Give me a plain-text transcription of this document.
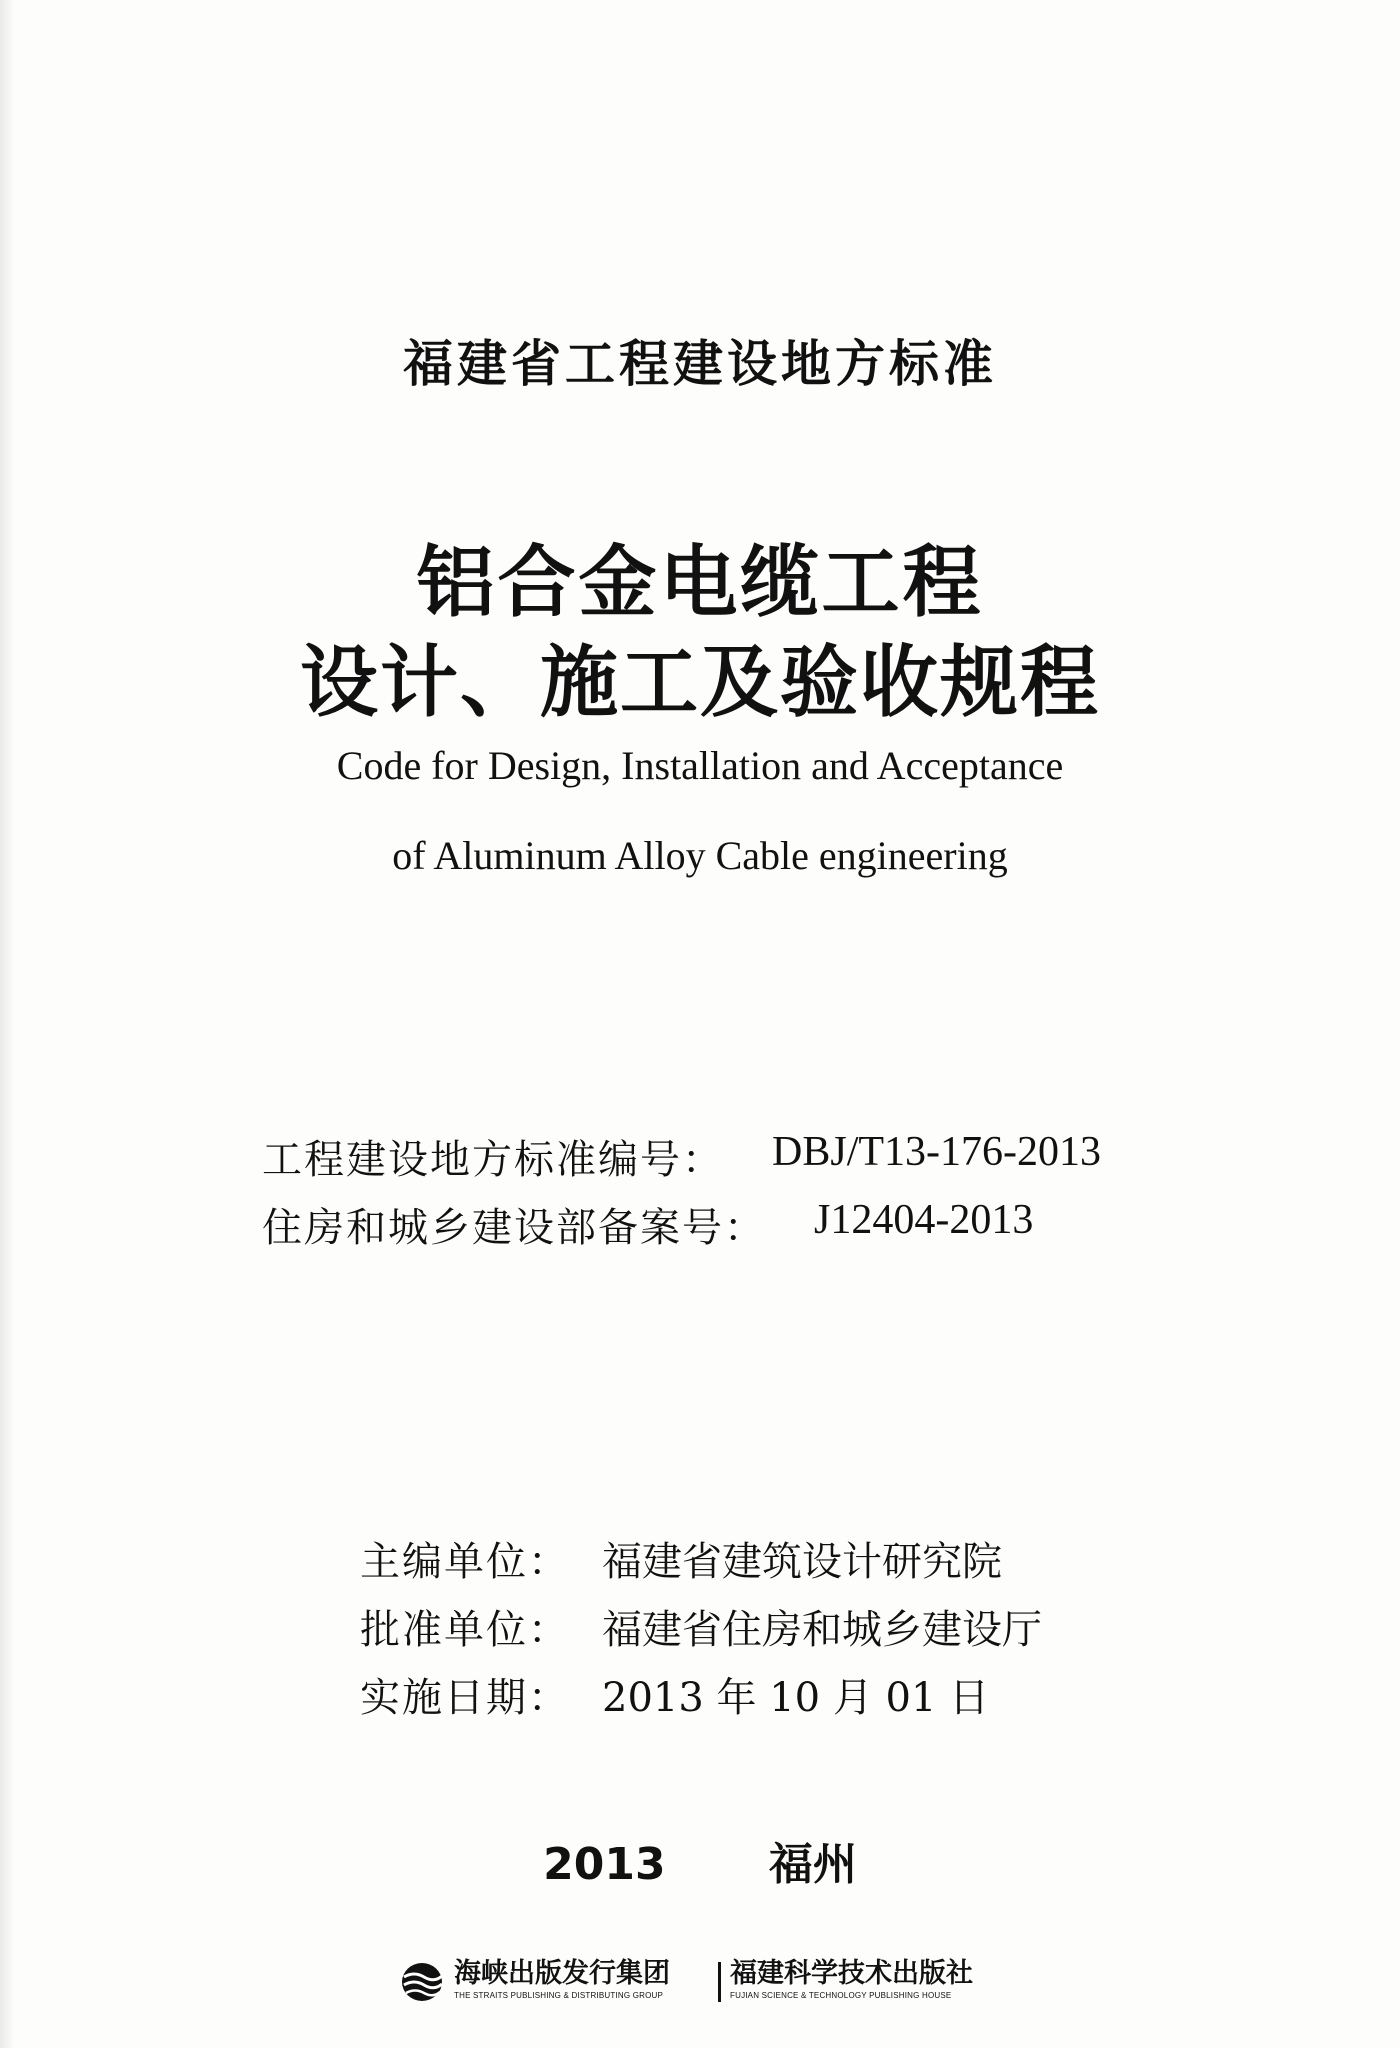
福建省工程建设地方标准
铝合金电缆工程
设计、施工及验收规程
Code for Design, Installation and Acceptance
of Aluminum Alloy Cable engineering
工程建设地方标准编号： DBJ/T13-176-2013
住房和城乡建设部备案号： J12404-2013
主编单位： 福建省建筑设计研究院
批准单位： 福建省住房和城乡建设厅
实施日期： 2013 年 10 月 01 日
2013 福州
海峡出版发行集团
THE STRAITS PUBLISHING & DISTRIBUTING GROUP
福建科学技术出版社
FUJIAN SCIENCE & TECHNOLOGY PUBLISHING HOUSE
